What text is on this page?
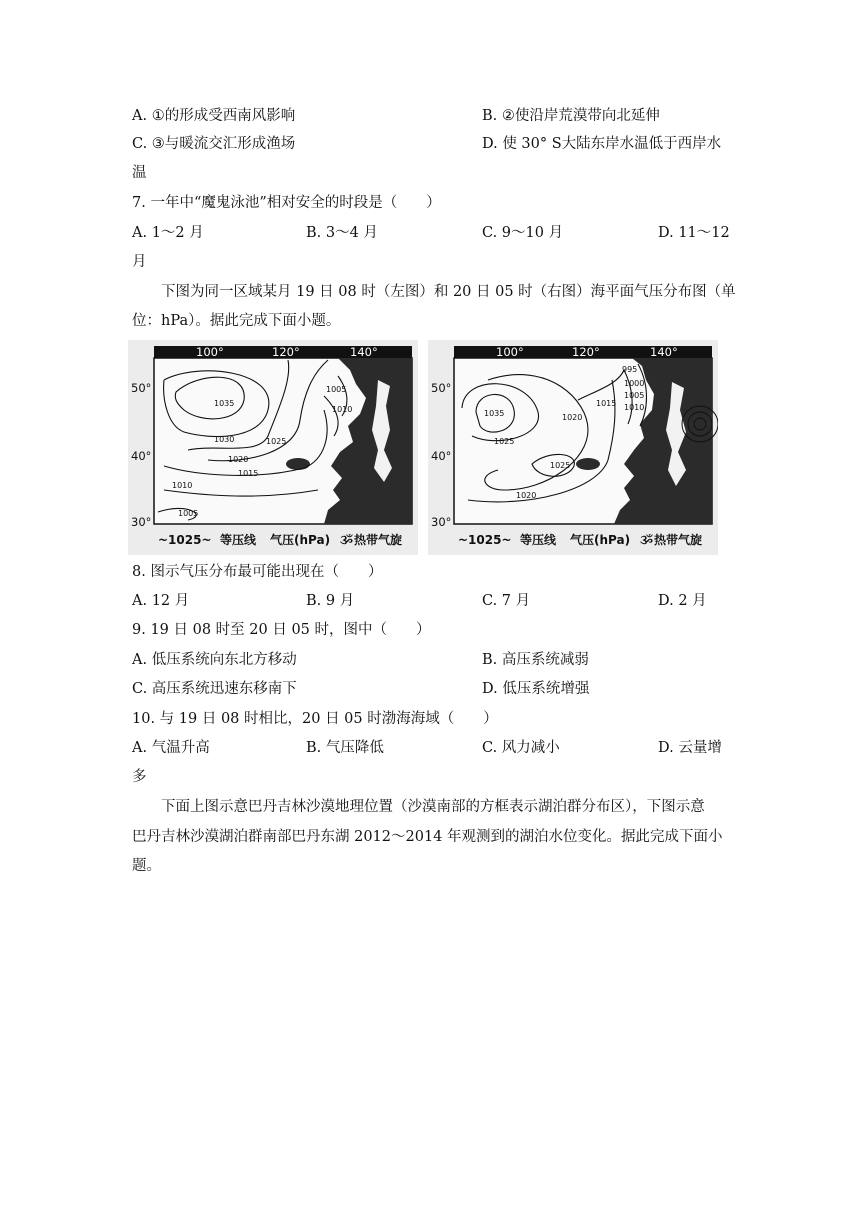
A. ①的形成受西南风影响	B. ②使沿岸荒漠带向北延伸
C. ③与暖流交汇形成渔场	D. 使 30° S大陆东岸水温低于西岸水
温
7. 一年中“魔鬼泳池”相对安全的时段是（　　）
A. 1～2 月	B. 3～4 月	C. 9～10 月	D. 11～12
月
下图为同一区域某月 19 日 08 时（左图）和 20 日 05 时（右图）海平面气压分布图（单
位：hPa）。据此完成下面小题。
1035
1030	1025
1020
1015
1010
1005
1005
1010
100°	120°	140°
50°
40°
30°
~1025~ 等压线 气压(hPa) ૐ 热带气旋
1035
1025
1020
1025
1020
1015
995
1000
1005
1010
100°	120°	140°
50°
40°
30°
~1025~ 等压线 气压(hPa) ૐ 热带气旋
8. 图示气压分布最可能出现在（　　）
A. 12 月	B. 9 月	C. 7 月	D. 2 月
9. 19 日 08 时至 20 日 05 时，图中（　　）
A. 低压系统向东北方移动	B. 高压系统减弱
C. 高压系统迅速东移南下	D. 低压系统增强
10. 与 19 日 08 时相比，20 日 05 时渤海海域（　　）
A. 气温升高	B. 气压降低	C. 风力减小	D. 云量增
多
下面上图示意巴丹吉林沙漠地理位置（沙漠南部的方框表示湖泊群分布区），下图示意
巴丹吉林沙漠湖泊群南部巴丹东湖 2012～2014 年观测到的湖泊水位变化。据此完成下面小
题。
